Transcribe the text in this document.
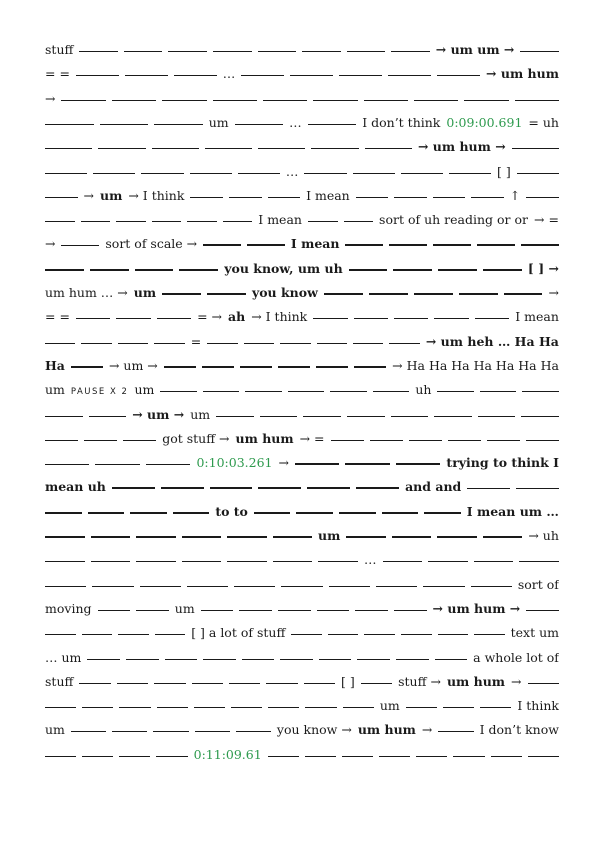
stuff	→ um um →
= =	…	→ um hum
→
um	…	I don’t think 0:09:00.691 = uh
→ um hum →
…	[ ]
→ um → I think	I mean	↑
I mean	sort of uh reading or or → =
→	sort of scale →	I mean
you know, um uh	[ ] →
um hum … → um	you know	→
= =	= → ah → I think	I mean
=	→ um heh … Ha Ha
Ha	→ um →	→ Ha Ha Ha Ha Ha Ha Ha
um PAUSE X 2 um	uh
→ um → um
got stuff → um hum → =
0:10:03.261 →	trying to think I
mean uh	and and
to to	I mean um …
um	→ uh
…
sort of
moving	um	→ um hum →
[ ] a lot of stuff	text um
… um	a whole lot of
stuff	[ ]	stuff → um hum →
um	I think
um	you know → um hum →	I don’t know
0:11:09.61
